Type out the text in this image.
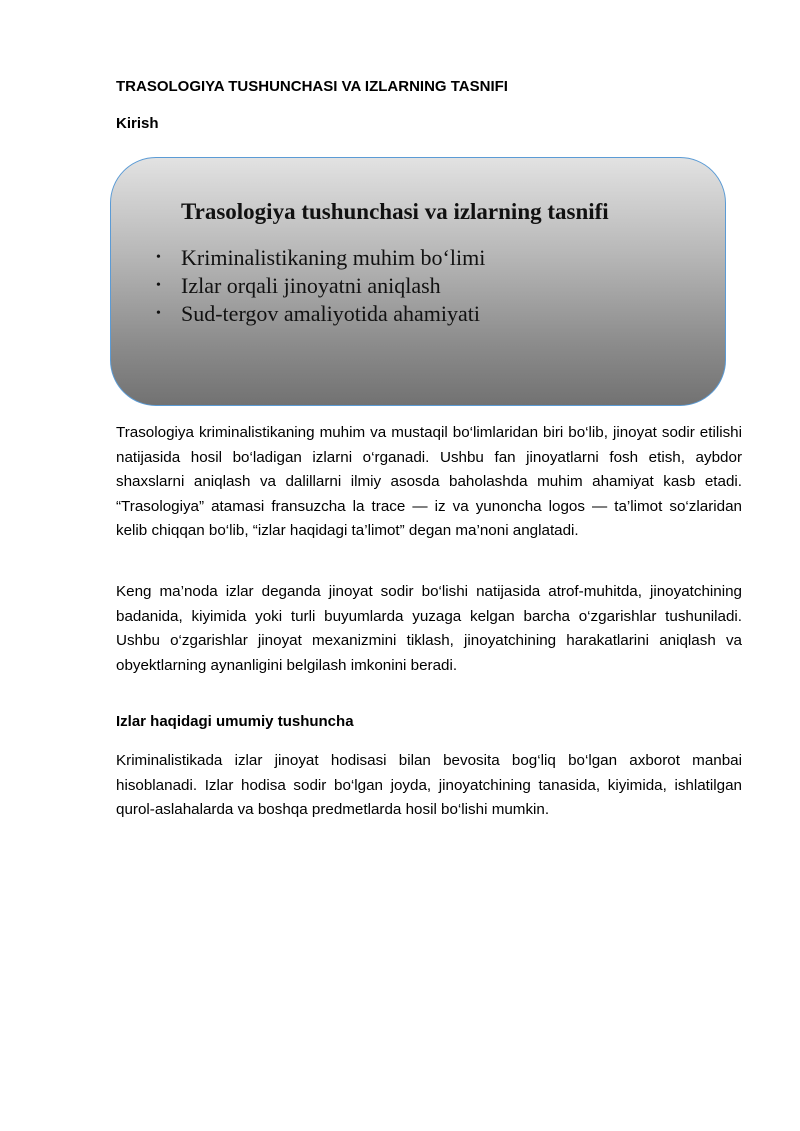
TRASOLOGIYA TUSHUNCHASI VA IZLARNING TASNIFI
Kirish
Trasologiya tushunchasi va izlarning tasnifi
• Kriminalistikaning muhim bo‘limi
• Izlar orqali jinoyatni aniqlash
• Sud-tergov amaliyotida ahamiyati

Trasologiya kriminalistikaning muhim va mustaqil bo‘limlaridan biri bo‘lib, jinoyat sodir etilishi natijasida hosil bo‘ladigan izlarni o‘rganadi. Ushbu fan jinoyatlarni fosh etish, aybdor shaxslarni aniqlash va dalillarni ilmiy asosda baholashda muhim ahamiyat kasb etadi. “Trasologiya” atamasi fransuzcha la trace — iz va yunoncha logos — ta’limot so‘zlaridan kelib chiqqan bo‘lib, “izlar haqidagi ta’limot” degan ma’noni anglatadi.

Keng ma’noda izlar deganda jinoyat sodir bo‘lishi natijasida atrof-muhitda, jinoyatchining badanida, kiyimida yoki turli buyumlarda yuzaga kelgan barcha o‘zgarishlar tushuniladi. Ushbu o‘zgarishlar jinoyat mexanizmini tiklash, jinoyatchining harakatlarini aniqlash va obyektlarning aynanligini belgilash imkonini beradi.

Izlar haqidagi umumiy tushuncha

Kriminalistikada izlar jinoyat hodisasi bilan bevosita bog‘liq bo‘lgan axborot manbai hisoblanadi. Izlar hodisa sodir bo‘lgan joyda, jinoyatchining tanasida, kiyimida, ishlatilgan qurol-aslahalarda va boshqa predmetlarda hosil bo‘lishi mumkin.
